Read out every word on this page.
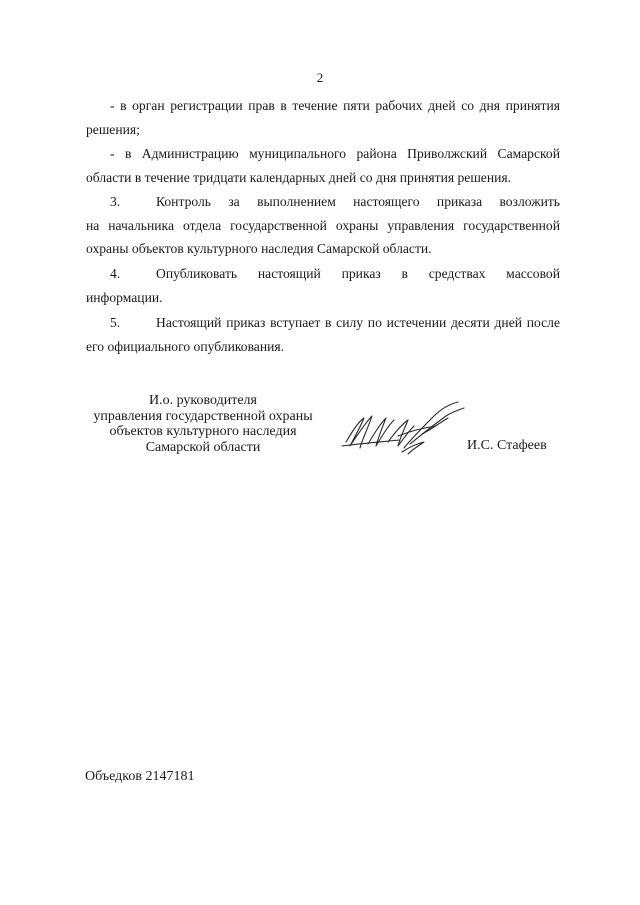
2

- в орган регистрации прав в течение пяти рабочих дней со дня принятия решения;

- в Администрацию муниципального района Приволжский Самарской области в течение тридцати календарных дней со дня принятия решения.

3.	Контроль за выполнением настоящего приказа возложить

на начальника отдела государственной охраны управления государственной охраны объектов культурного наследия Самарской области.

4.	Опубликовать настоящий приказ в средствах массовой

информации.

5.	Настоящий приказ вступает в силу по истечении десяти дней после

его официального опубликования.

И.о. руководителя
управления государственной охраны
объектов культурного наследия
Самарской области	И.С. Стафеев
Объедков 2147181
